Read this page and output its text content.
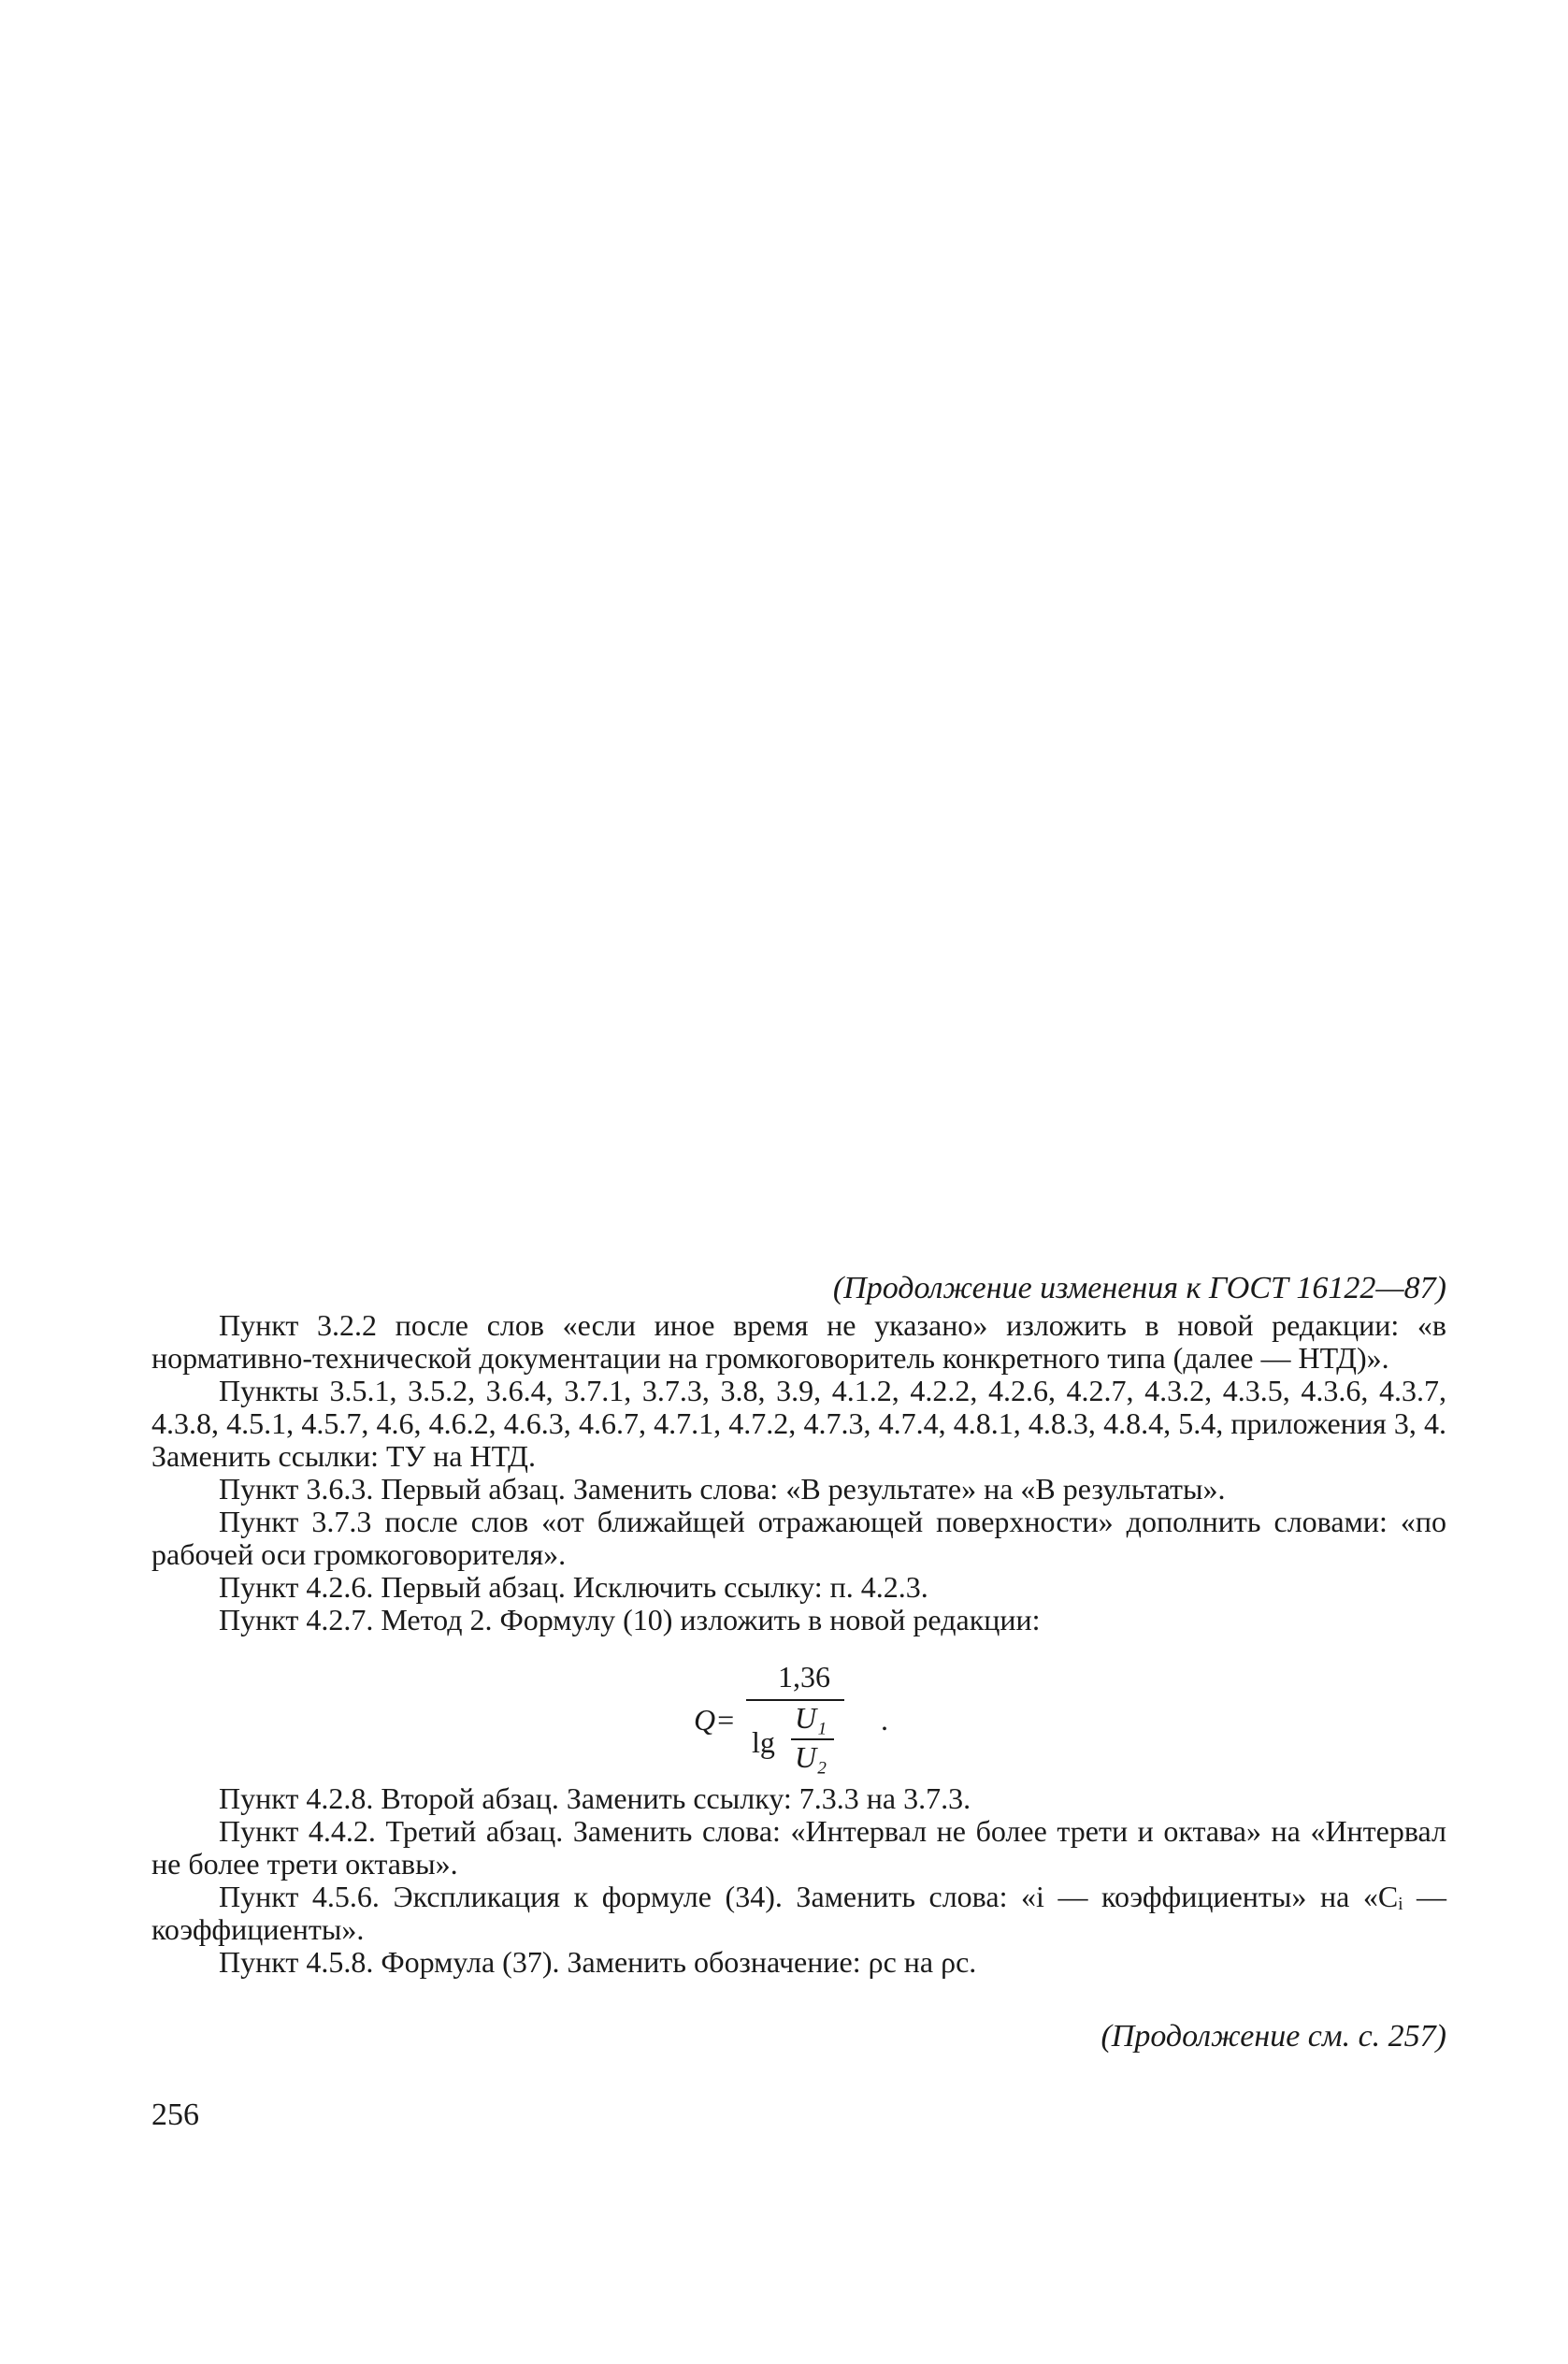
(Продолжение изменения к ГОСТ 16122—87)

Пункт 3.2.2 после слов «если иное время не указано» изложить в новой редакции: «в нормативно-технической документации на громкоговоритель конкретного типа (далее — НТД)».

Пункты 3.5.1, 3.5.2, 3.6.4, 3.7.1, 3.7.3, 3.8, 3.9, 4.1.2, 4.2.2, 4.2.6, 4.2.7, 4.3.2, 4.3.5, 4.3.6, 4.3.7, 4.3.8, 4.5.1, 4.5.7, 4.6, 4.6.2, 4.6.3, 4.6.7, 4.7.1, 4.7.2, 4.7.3, 4.7.4, 4.8.1, 4.8.3, 4.8.4, 5.4, приложения 3, 4. Заменить ссылки: ТУ на НТД.

Пункт 3.6.3. Первый абзац. Заменить слова: «В результате» на «В результаты».

Пункт 3.7.3 после слов «от ближайщей отражающей поверхности» дополнить словами: «по рабочей оси громкоговорителя».

Пункт 4.2.6. Первый абзац. Исключить ссылку: п. 4.2.3.

Пункт 4.2.7. Метод 2. Формулу (10) изложить в новой редакции:

Q=
1,36
lg
U₁
U₂
.

Пункт 4.2.8. Второй абзац. Заменить ссылку: 7.3.3 на 3.7.3.

Пункт 4.4.2. Третий абзац. Заменить слова: «Интервал не более трети и октава» на «Интервал не более трети октавы».

Пункт 4.5.6. Экспликация к формуле (34). Заменить слова: «i — коэффициенты» на «Cᵢ — коэффициенты».

Пункт 4.5.8. Формула (37). Заменить обозначение: ρc на ρc.

(Продолжение см. с. 257)
256
